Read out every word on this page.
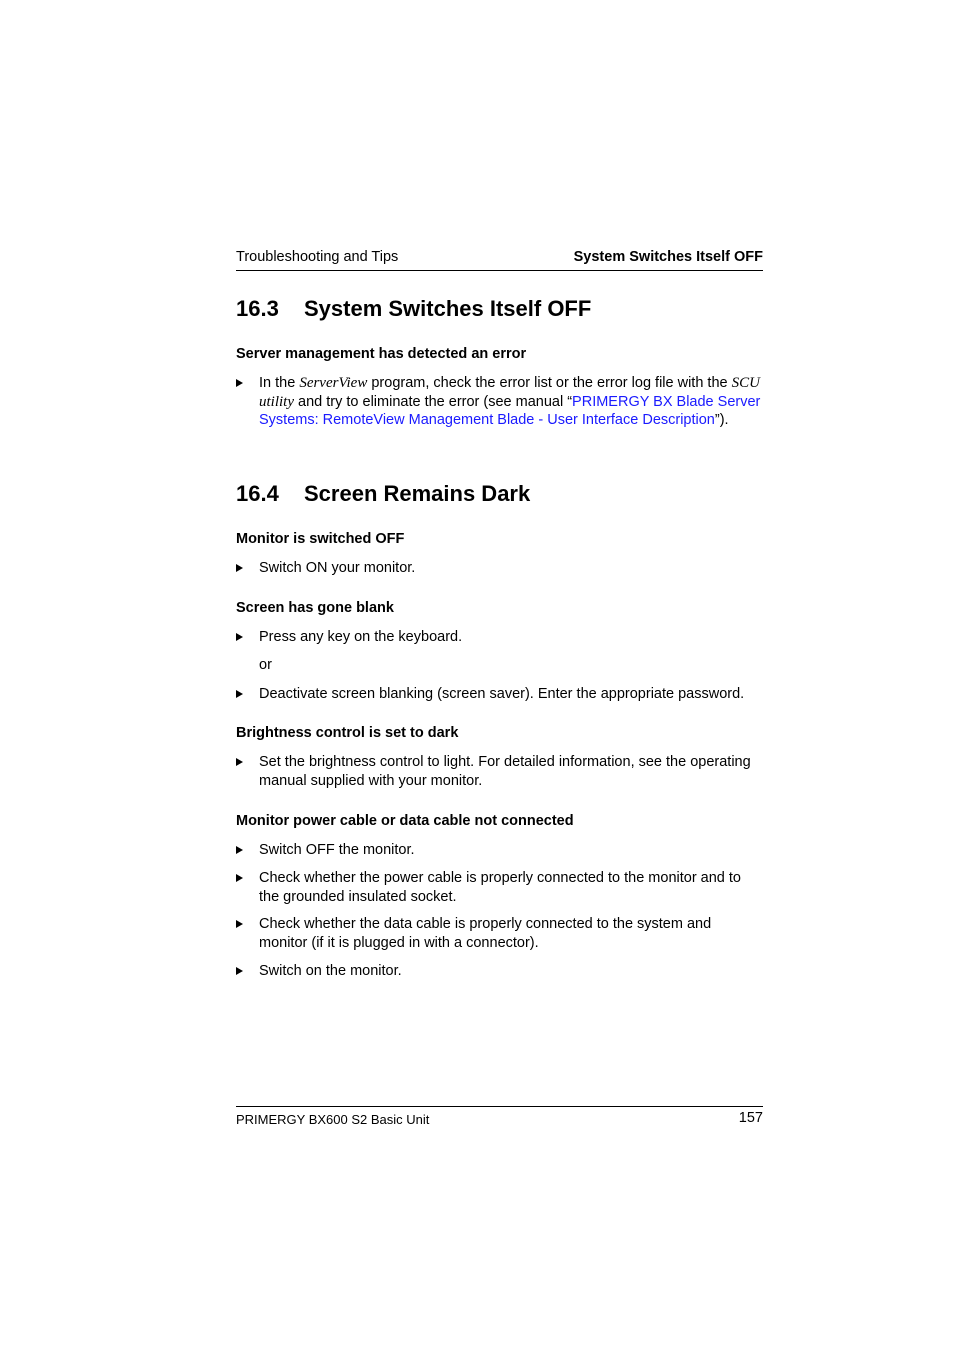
Troubleshooting and Tips	System Switches Itself OFF
16.3 System Switches Itself OFF
Server management has detected an error
In the ServerView program, check the error list or the error log file with the SCU utility and try to eliminate the error (see manual “PRIMERGY BX Blade Server Systems: RemoteView Management Blade - User Interface Description”).
16.4 Screen Remains Dark
Monitor is switched OFF
Switch ON your monitor.
Screen has gone blank
Press any key on the keyboard.
or
Deactivate screen blanking (screen saver). Enter the appropriate password.
Brightness control is set to dark
Set the brightness control to light. For detailed information, see the operating manual supplied with your monitor.
Monitor power cable or data cable not connected
Switch OFF the monitor.
Check whether the power cable is properly connected to the monitor and to the grounded insulated socket.
Check whether the data cable is properly connected to the system and monitor (if it is plugged in with a connector).
Switch on the monitor.
PRIMERGY BX600 S2 Basic Unit	157
